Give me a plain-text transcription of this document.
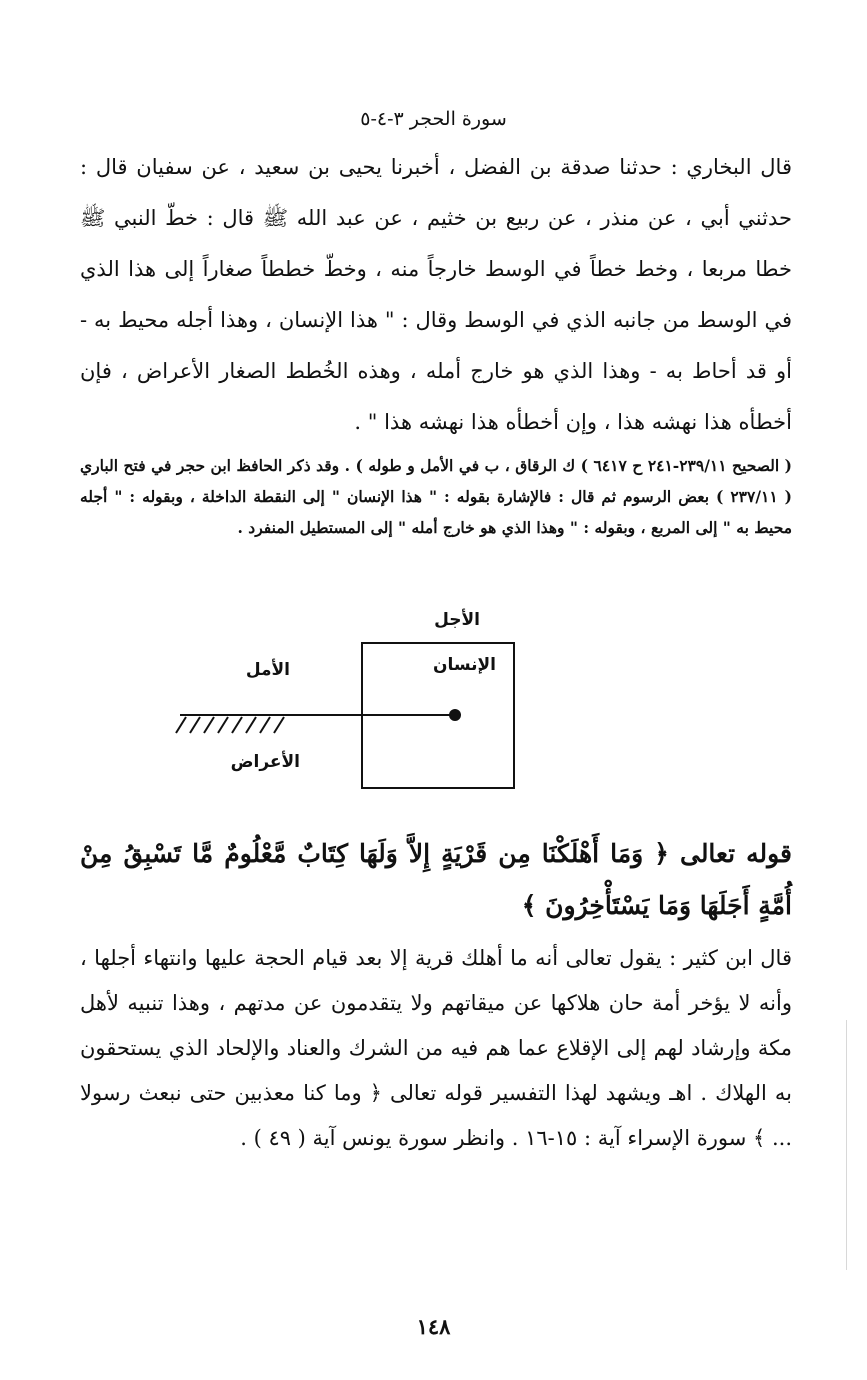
سورة الحجر ٣-٤-٥
قال البخاري : حدثنا صدقة بن الفضل ، أخبرنا يحيى بن سعيد ، عن سفيان قال : حدثني أبي ، عن منذر ، عن ربيع بن خثيم ، عن عبد الله ﷺ قال : خطّ النبي ﷺ خطا مربعا ، وخط خطاً في الوسط خارجاً منه ، وخطّ خططاً صغاراً إلى هذا الذي في الوسط من جانبه الذي في الوسط وقال : " هذا الإنسان ، وهذا أجله محيط به - أو قد أحاط به - وهذا الذي هو خارج أمله ، وهذه الخُطط الصغار الأعراض ، فإن أخطأه هذا نهشه هذا ، وإن أخطأه هذا نهشه هذا " .
( الصحيح ٢٣٩/١١-٢٤١ ح ٦٤١٧ ) ك الرقاق ، ب في الأمل و طوله ) . وقد ذكر الحافظ ابن حجر في فتح الباري ( ٢٣٧/١١ ) بعض الرسوم ثم قال : فالإشارة بقوله : " هذا الإنسان " إلى النقطة الداخلة ، وبقوله : " أجله محيط به " إلى المربع ، وبقوله : " وهذا الذي هو خارج أمله " إلى المستطيل المنفرد .
الأجل
الإنسان
الأمل
الأعراض
قوله تعالى ﴿ وَمَا أَهْلَكْنَا مِن قَرْيَةٍ إِلاَّ وَلَهَا كِتَابٌ مَّعْلُومٌ مَّا تَسْبِقُ مِنْ أُمَّةٍ أَجَلَهَا وَمَا يَسْتَأْخِرُونَ ﴾
قال ابن كثير : يقول تعالى أنه ما أهلك قرية إلا بعد قيام الحجة عليها وانتهاء أجلها ، وأنه لا يؤخر أمة حان هلاكها عن ميقاتهم ولا يتقدمون عن مدتهم ، وهذا تنبيه لأهل مكة وإرشاد لهم إلى الإقلاع عما هم فيه من الشرك والعناد والإلحاد الذي يستحقون به الهلاك . اهـ ويشهد لهذا التفسير قوله تعالى ﴿ وما كنا معذبين حتى نبعث رسولا ... ﴾ سورة الإسراء آية : ١٥-١٦ . وانظر سورة يونس آية ( ٤٩ ) .
١٤٨
